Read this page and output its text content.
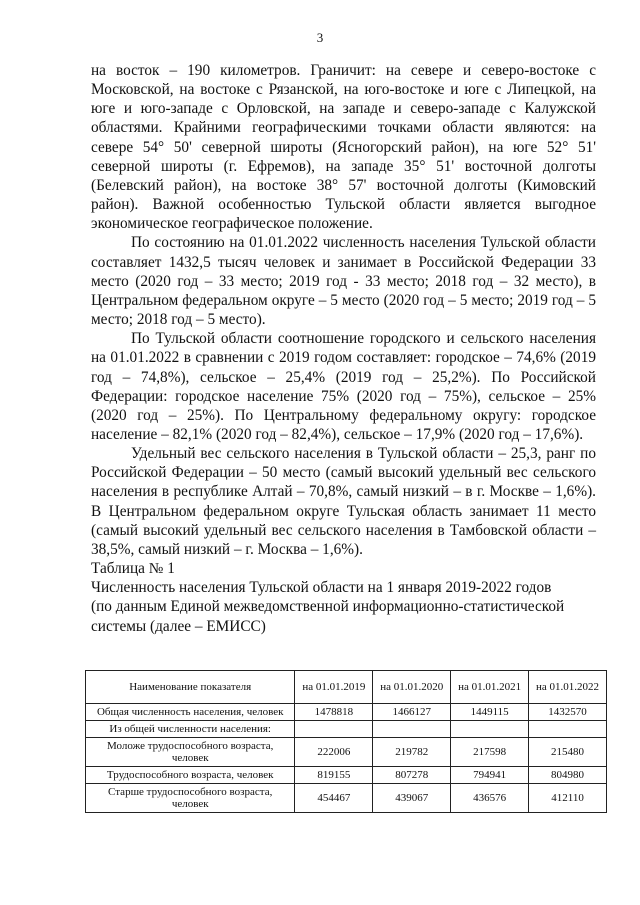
3

на восток – 190 километров. Граничит: на севере и северо-востоке с Московской, на востоке с Рязанской, на юго-востоке и юге с Липецкой, на юге и юго-западе с Орловской, на западе и северо-западе с Калужской областями. Крайними географическими точками области являются: на севере 54° 50' северной широты (Ясногорский район), на юге 52° 51' северной широты (г. Ефремов), на западе 35° 51' восточной долготы (Белевский район), на востоке 38° 57' восточной долготы (Кимовский район). Важной особенностью Тульской области является выгодное экономическое географическое положение.

По состоянию на 01.01.2022 численность населения Тульской области составляет 1432,5 тысяч человек и занимает в Российской Федерации 33 место (2020 год – 33 место; 2019 год - 33 место; 2018 год – 32 место), в Центральном федеральном округе – 5 место (2020 год – 5 место; 2019 год – 5 место; 2018 год – 5 место).

По Тульской области соотношение городского и сельского населения на 01.01.2022 в сравнении с 2019 годом составляет: городское – 74,6% (2019 год – 74,8%), сельское – 25,4% (2019 год – 25,2%). По Российской Федерации: городское население 75% (2020 год – 75%), сельское – 25% (2020 год – 25%). По Центральному федеральному округу: городское население – 82,1% (2020 год – 82,4%), сельское – 17,9% (2020 год – 17,6%).

Удельный вес сельского населения в Тульской области – 25,3, ранг по Российской Федерации – 50 место (самый высокий удельный вес сельского населения в республике Алтай – 70,8%, самый низкий – в г. Москве – 1,6%). В Центральном федеральном округе Тульская область занимает 11 место (самый высокий удельный вес сельского населения в Тамбовской области – 38,5%, самый низкий – г. Москва – 1,6%).

Таблица № 1

Численность населения Тульской области на 1 января 2019-2022 годов
(по данным Единой межведомственной информационно-статистической
системы (далее – ЕМИСС)

Наименование показателя	на 01.01.2019	на 01.01.2020	на 01.01.2021	на 01.01.2022
Общая численность населения, человек	1478818	1466127	1449115	1432570
Из общей численности населения:				
Моложе трудоспособного возраста, человек	222006	219782	217598	215480
Трудоспособного возраста, человек	819155	807278	794941	804980
Старше трудоспособного возраста, человек	454467	439067	436576	412110
